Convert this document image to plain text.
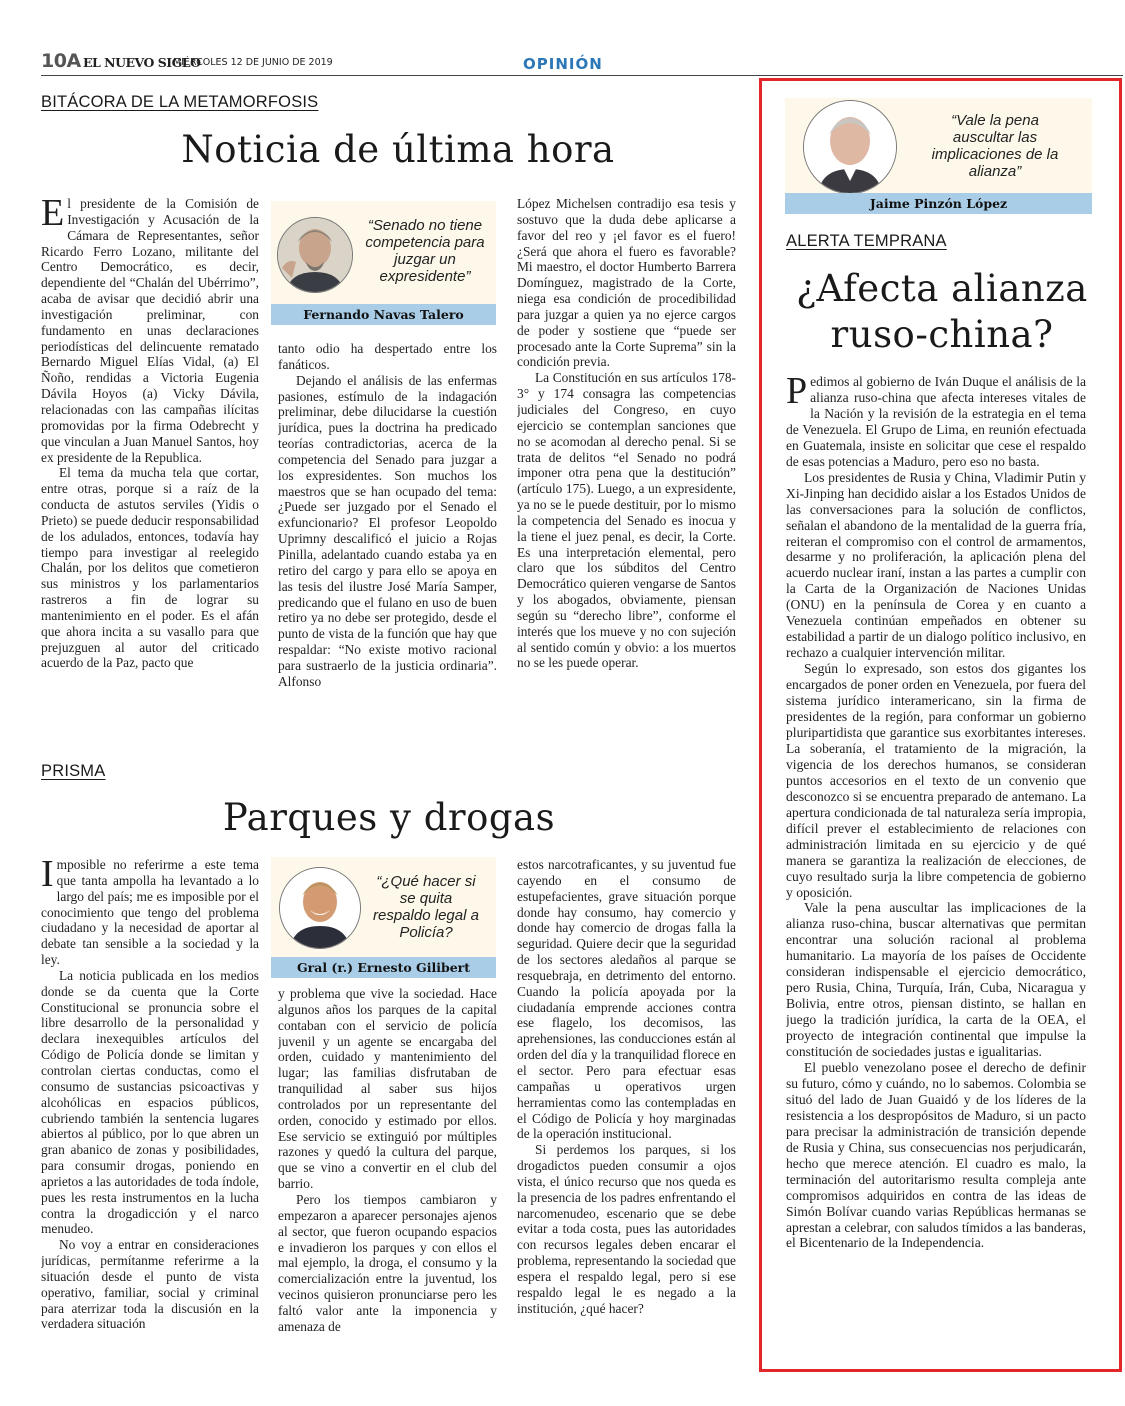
10A EL NUEVO SIGLO
MIÉRCOLES 12 DE JUNIO DE 2019	OPINIÓN
BITÁCORA DE LA METAMORFOSIS
Noticia de última hora

El presidente de la Comisión de Investigación y Acusación de la Cámara de Representantes, señor Ricardo Ferro Lozano, militante del Centro Democrático, es decir, dependiente del “Chalán del Ubérrimo”, acaba de avisar que decidió abrir una investigación preliminar, con fundamento en unas declaraciones periodísticas del delincuente rematado Bernardo Miguel Elías Vidal, (a) El Ñoño, rendidas a Victoria Eugenia Dávila Hoyos (a) Vicky Dávila, relacionadas con las campañas ilícitas promovidas por la firma Odebrecht y que vinculan a Juan Manuel Santos, hoy ex presidente de la Republica.

El tema da mucha tela que cortar, entre otras, porque si a raíz de la conducta de astutos serviles (Yidis o Prieto) se puede deducir responsabilidad de los adulados, entonces, todavía hay tiempo para investigar al reelegido Chalán, por los delitos que cometieron sus ministros y los parlamentarios rastreros a fin de lograr su mantenimiento en el poder. Es el afán que ahora incita a su vasallo para que prejuzguen al autor del criticado acuerdo de la Paz, pacto que

“Senado no tiene competencia para juzgar un expresidente”
Fernando Navas Talero

tanto odio ha despertado entre los fanáticos.

Dejando el análisis de las enfermas pasiones, estímulo de la indagación preliminar, debe dilucidarse la cuestión jurídica, pues la doctrina ha predicado teorías contradictorias, acerca de la competencia del Senado para juzgar a los expresidentes. Son muchos los maestros que se han ocupado del tema: ¿Puede ser juzgado por el Senado el exfuncionario? El profesor Leopoldo Uprimny descalificó el juicio a Rojas Pinilla, adelantado cuando estaba ya en retiro del cargo y para ello se apoya en las tesis del ilustre José María Samper, predicando que el fulano en uso de buen retiro ya no debe ser protegido, desde el punto de vista de la función que hay que respaldar: “No existe motivo racional para sustraerlo de la justicia ordinaria”. Alfonso

López Michelsen contradijo esa tesis y sostuvo que la duda debe aplicarse a favor del reo y ¡el favor es el fuero! ¿Será que ahora el fuero es favorable? Mi maestro, el doctor Humberto Barrera Domínguez, magistrado de la Corte, niega esa condición de procedibilidad para juzgar a quien ya no ejerce cargos de poder y sostiene que “puede ser procesado ante la Corte Suprema” sin la condición previa.

La Constitución en sus artículos 178-3° y 174 consagra las competencias judiciales del Congreso, en cuyo ejercicio se contemplan sanciones que no se acomodan al derecho penal. Si se trata de delitos “el Senado no podrá imponer otra pena que la destitución” (artículo 175). Luego, a un expresidente, ya no se le puede destituir, por lo mismo la competencia del Senado es inocua y la tiene el juez penal, es decir, la Corte. Es una interpretación elemental, pero claro que los súbditos del Centro Democrático quieren vengarse de Santos y los abogados, obviamente, piensan según su “derecho libre”, conforme el interés que los mueve y no con sujeción al sentido común y obvio: a los muertos no se les puede operar.

PRISMA
Parques y drogas

Imposible no referirme a este tema que tanta ampolla ha levantado a lo largo del país; me es imposible por el conocimiento que tengo del problema ciudadano y la necesidad de aportar al debate tan sensible a la sociedad y la ley.

La noticia publicada en los medios donde se da cuenta que la Corte Constitucional se pronuncia sobre el libre desarrollo de la personalidad y declara inexequibles artículos del Código de Policía donde se limitan y controlan ciertas conductas, como el consumo de sustancias psicoactivas y alcohólicas en espacios públicos, cubriendo también la sentencia lugares abiertos al público, por lo que abren un gran abanico de zonas y posibilidades, para consumir drogas, poniendo en aprietos a las autoridades de toda índole, pues les resta instrumentos en la lucha contra la drogadicción y el narco menudeo.

No voy a entrar en consideraciones jurídicas, permítanme referirme a la situación desde el punto de vista operativo, familiar, social y criminal para aterrizar toda la discusión en la verdadera situación

“¿Qué hacer si se quita respaldo legal a Policía?
Gral (r.) Ernesto Gilibert

y problema que vive la sociedad. Hace algunos años los parques de la capital contaban con el servicio de policía juvenil y un agente se encargaba del orden, cuidado y mantenimiento del lugar; las familias disfrutaban de tranquilidad al saber sus hijos controlados por un representante del orden, conocido y estimado por ellos. Ese servicio se extinguió por múltiples razones y quedó la cultura del parque, que se vino a convertir en el club del barrio.

Pero los tiempos cambiaron y empezaron a aparecer personajes ajenos al sector, que fueron ocupando espacios e invadieron los parques y con ellos el mal ejemplo, la droga, el consumo y la comercialización entre la juventud, los vecinos quisieron pronunciarse pero les faltó valor ante la imponencia y amenaza de

estos narcotraficantes, y su juventud fue cayendo en el consumo de estupefacientes, grave situación porque donde hay consumo, hay comercio y donde hay comercio de drogas falla la seguridad. Quiere decir que la seguridad de los sectores aledaños al parque se resquebraja, en detrimento del entorno. Cuando la policía apoyada por la ciudadanía emprende acciones contra ese flagelo, los decomisos, las aprehensiones, las conducciones están al orden del día y la tranquilidad florece en el sector. Pero para efectuar esas campañas u operativos urgen herramientas como las contempladas en el Código de Policía y hoy marginadas de la operación institucional.

Si perdemos los parques, si los drogadictos pueden consumir a ojos vista, el único recurso que nos queda es la presencia de los padres enfrentando el narcomenudeo, escenario que se debe evitar a toda costa, pues las autoridades con recursos legales deben encarar el problema, representando la sociedad que espera el respaldo legal, pero si ese respaldo legal le es negado a la institución, ¿qué hacer?

“Vale la pena auscultar las implicaciones de la alianza”
Jaime Pinzón López
ALERTA TEMPRANA
¿Afecta alianza
ruso-china?

Pedimos al gobierno de Iván Duque el análisis de la alianza ruso-china que afecta intereses vitales de la Nación y la revisión de la estrategia en el tema de Venezuela. El Grupo de Lima, en reunión efectuada en Guatemala, insiste en solicitar que cese el respaldo de esas potencias a Maduro, pero eso no basta.

Los presidentes de Rusia y China, Vladimir Putin y Xi-Jinping han decidido aislar a los Estados Unidos de las conversaciones para la solución de conflictos, señalan el abandono de la mentalidad de la guerra fría, reiteran el compromiso con el control de armamentos, desarme y no proliferación, la aplicación plena del acuerdo nuclear iraní, instan a las partes a cumplir con la Carta de la Organización de Naciones Unidas (ONU) en la península de Corea y en cuanto a Venezuela continúan empeñados en obtener su estabilidad a partir de un dialogo político inclusivo, en rechazo a cualquier intervención militar.

Según lo expresado, son estos dos gigantes los encargados de poner orden en Venezuela, por fuera del sistema jurídico interamericano, sin la firma de presidentes de la región, para conformar un gobierno pluripartidista que garantice sus exorbitantes intereses. La soberanía, el tratamiento de la migración, la vigencia de los derechos humanos, se consideran puntos accesorios en el texto de un convenio que desconozco si se encuentra preparado de antemano. La apertura condicionada de tal naturaleza sería impropia, difícil prever el establecimiento de relaciones con administración limitada en su ejercicio y de qué manera se garantiza la realización de elecciones, de cuyo resultado surja la libre competencia de gobierno y oposición.

Vale la pena auscultar las implicaciones de la alianza ruso-china, buscar alternativas que permitan encontrar una solución racional al problema humanitario. La mayoría de los países de Occidente consideran indispensable el ejercicio democrático, pero Rusia, China, Turquía, Irán, Cuba, Nicaragua y Bolivia, entre otros, piensan distinto, se hallan en juego la tradición jurídica, la carta de la OEA, el proyecto de integración continental que impulse la constitución de sociedades justas e igualitarias.

El pueblo venezolano posee el derecho de definir su futuro, cómo y cuándo, no lo sabemos. Colombia se situó del lado de Juan Guaidó y de los líderes de la resistencia a los despropósitos de Maduro, si un pacto para precisar la administración de transición depende de Rusia y China, sus consecuencias nos perjudicarán, hecho que merece atención. El cuadro es malo, la terminación del autoritarismo resulta compleja ante compromisos adquiridos en contra de las ideas de Simón Bolívar cuando varias Repúblicas hermanas se aprestan a celebrar, con saludos tímidos a las banderas, el Bicentenario de la Independencia.
